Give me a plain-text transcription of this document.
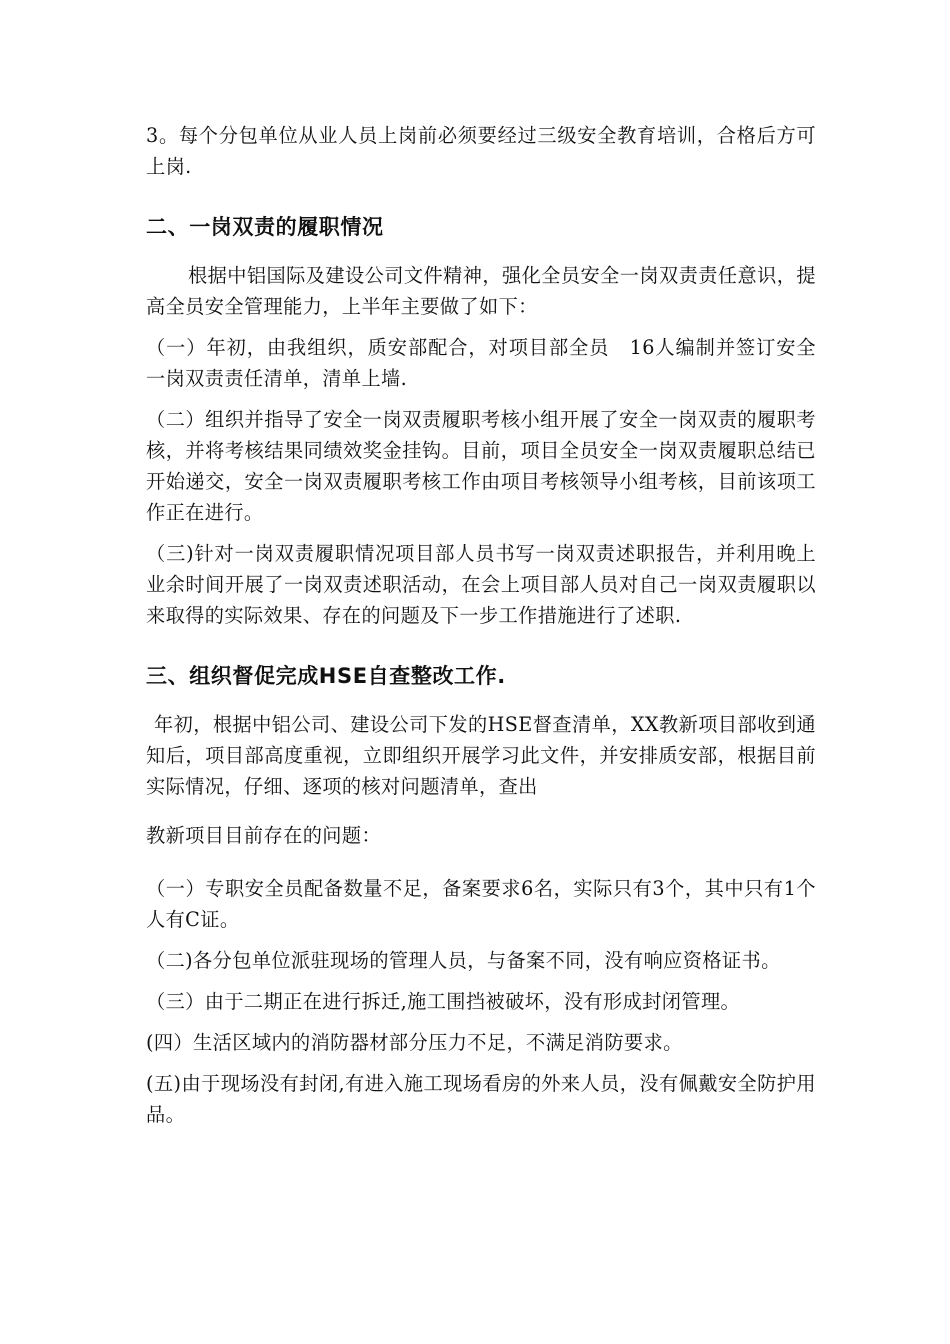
3。每个分包单位从业人员上岗前必须要经过三级安全教育培训，合格后方可上岗.

二、一岗双责的履职情况

根据中铝国际及建设公司文件精神，强化全员安全一岗双责责任意识，提高全员安全管理能力，上半年主要做了如下：

（一）年初，由我组织，质安部配合，对项目部全员　16人编制并签订安全一岗双责责任清单，清单上墙.

（二）组织并指导了安全一岗双责履职考核小组开展了安全一岗双责的履职考核，并将考核结果同绩效奖金挂钩。目前，项目全员安全一岗双责履职总结已开始递交，安全一岗双责履职考核工作由项目考核领导小组考核，目前该项工作正在进行。

（三)针对一岗双责履职情况项目部人员书写一岗双责述职报告，并利用晚上业余时间开展了一岗双责述职活动，在会上项目部人员对自己一岗双责履职以来取得的实际效果、存在的问题及下一步工作措施进行了述职.

三、组织督促完成HSE自查整改工作.

年初，根据中铝公司、建设公司下发的HSE督查清单，XX教新项目部收到通知后，项目部高度重视，立即组织开展学习此文件，并安排质安部，根据目前实际情况，仔细、逐项的核对问题清单，查出

教新项目目前存在的问题：

（一）专职安全员配备数量不足，备案要求6名，实际只有3个，其中只有1个人有C证。

（二)各分包单位派驻现场的管理人员，与备案不同，没有响应资格证书。

（三）由于二期正在进行拆迁,施工围挡被破坏，没有形成封闭管理。

(四）生活区域内的消防器材部分压力不足，不满足消防要求。

(五)由于现场没有封闭,有进入施工现场看房的外来人员，没有佩戴安全防护用品。
